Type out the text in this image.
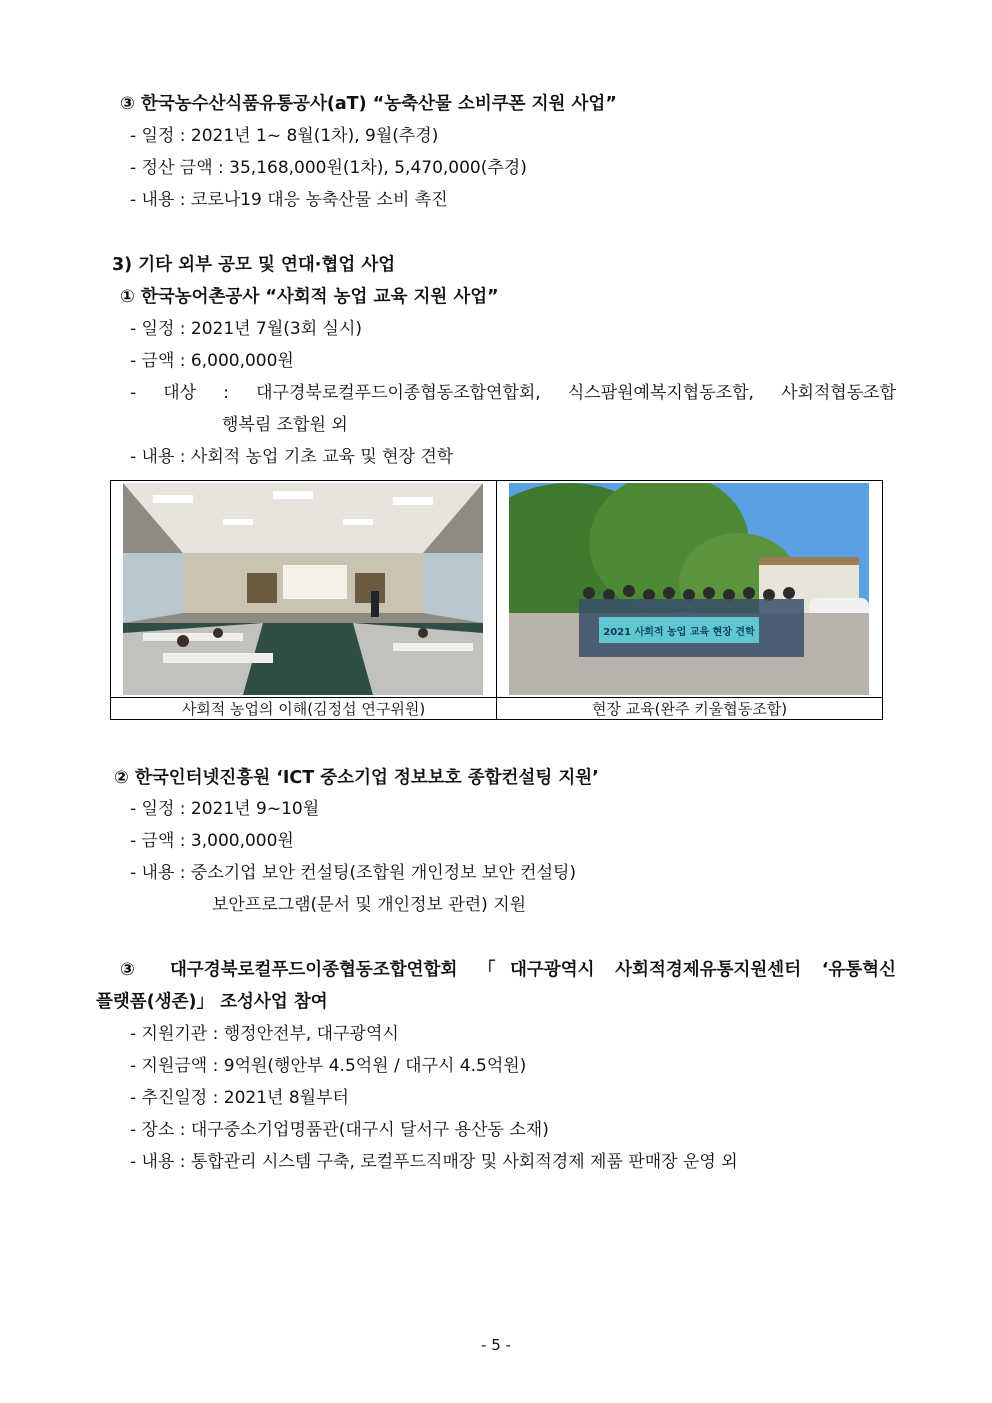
③ 한국농수산식품유통공사(aT) “농축산물 소비쿠폰 지원 사업”
- 일정 : 2021년 1~ 8월(1차), 9월(추경)
- 정산 금액 : 35,168,000원(1차), 5,470,000(추경)
- 내용 : 코로나19 대응 농축산물 소비 촉진
3) 기타 외부 공모 및 연대·협업 사업
① 한국농어촌공사 “사회적 농업 교육 지원 사업”
- 일정 : 2021년 7월(3회 실시)
- 금액 : 6,000,000원
- 대상 : 대구경북로컬푸드이종협동조합연합회, 식스팜원예복지협동조합, 사회적협동조합
행복림 조합원 외
- 내용 : 사회적 농업 기초 교육 및 현장 견학
2021 사회적 농업 교육 현장 견학
사회적 농업의 이해(김정섭 연구위원)	현장 교육(완주 키울협동조합)
② 한국인터넷진흥원 ‘ICT 중소기업 정보보호 종합컨설팅 지원’
- 일정 : 2021년 9~10월
- 금액 : 3,000,000원
- 내용 : 중소기업 보안 컨설팅(조합원 개인정보 보안 컨설팅)
보안프로그램(문서 및 개인정보 관련) 지원
③ 대구경북로컬푸드이종협동조합연합회 「대구광역시 사회적경제유통지원센터 ‘유통혁신
플랫폼(생존)」 조성사업 참여
- 지원기관 : 행정안전부, 대구광역시
- 지원금액 : 9억원(행안부 4.5억원 / 대구시 4.5억원)
- 추진일정 : 2021년 8월부터
- 장소 : 대구중소기업명품관(대구시 달서구 용산동 소재)
- 내용 : 통합관리 시스템 구축, 로컬푸드직매장 및 사회적경제 제품 판매장 운영 외
- 5 -
